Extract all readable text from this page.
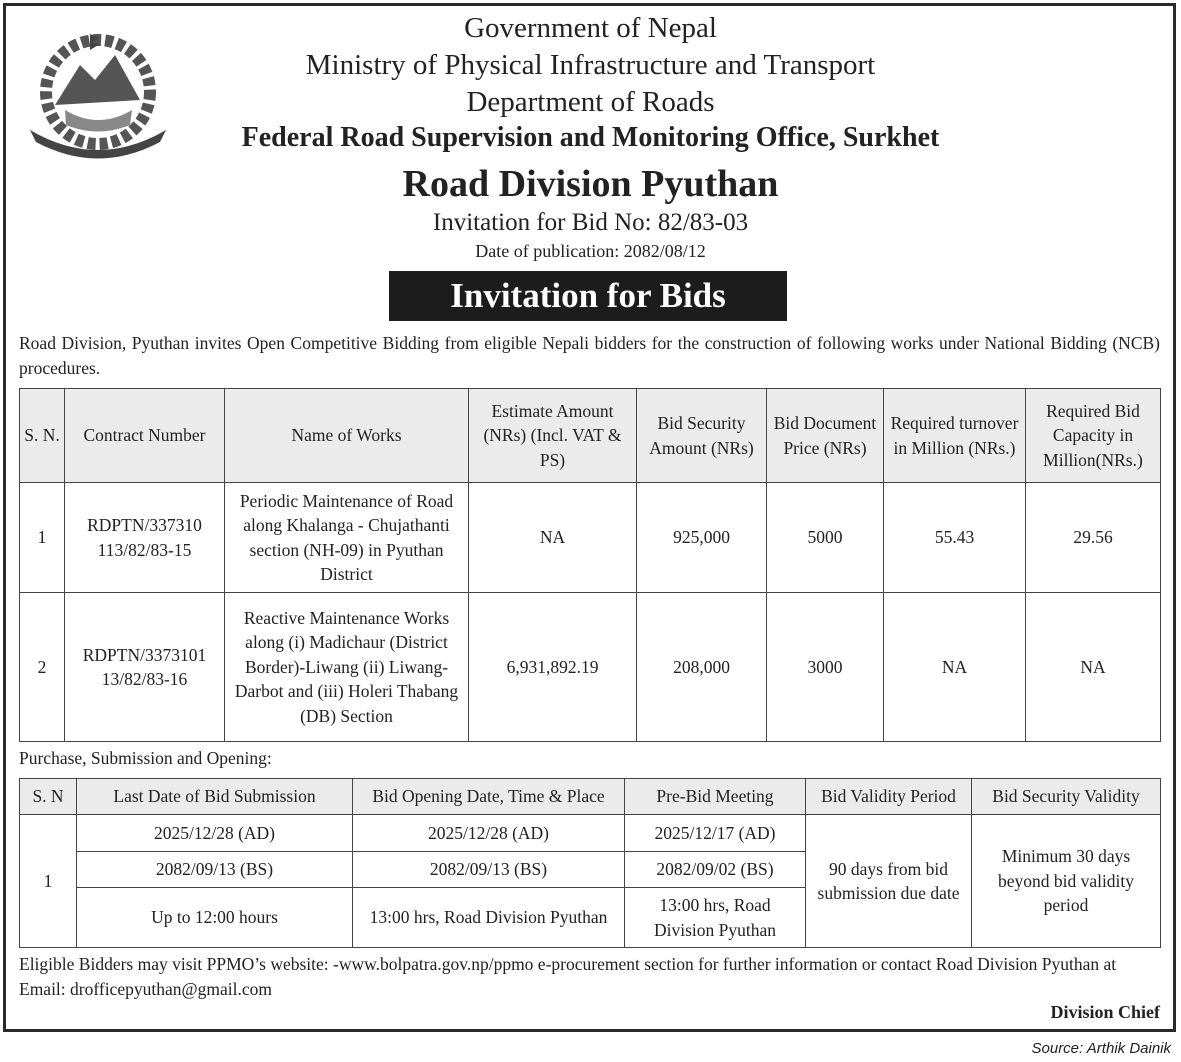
Government of Nepal
Ministry of Physical Infrastructure and Transport
Department of Roads
Federal Road Supervision and Monitoring Office, Surkhet
Road Division Pyuthan
Invitation for Bid No: 82/83-03
Date of publication: 2082/08/12
Invitation for Bids
Road Division, Pyuthan invites Open Competitive Bidding from eligible Nepali bidders for the construction of following works under National Bidding (NCB) procedures.
S. N.	Contract Number	Name of Works	Estimate Amount (NRs) (Incl. VAT & PS)	Bid Security Amount (NRs)	Bid Document Price (NRs)	Required turnover in Million (NRs.)	Required Bid Capacity in Million(NRs.)
1	RDPTN/337310 113/82/83-15	Periodic Maintenance of Road along Khalanga - Chujathanti section (NH-09) in Pyuthan District	NA	925,000	5000	55.43	29.56
2	RDPTN/3373101 13/82/83-16	Reactive Maintenance Works along (i) Madichaur (District Border)-Liwang (ii) Liwang-Darbot and (iii) Holeri Thabang (DB) Section	6,931,892.19	208,000	3000	NA	NA
Purchase, Submission and Opening:
S. N	Last Date of Bid Submission	Bid Opening Date, Time & Place	Pre-Bid Meeting	Bid Validity Period	Bid Security Validity
1	2025/12/28 (AD)	2025/12/28 (AD)	2025/12/17 (AD)	90 days from bid submission due date	Minimum 30 days beyond bid validity period
	2082/09/13 (BS)	2082/09/13 (BS)	2082/09/02 (BS)		
	Up to 12:00 hours	13:00 hrs, Road Division Pyuthan	13:00 hrs, Road Division Pyuthan		
Eligible Bidders may visit PPMO’s website: -www.bolpatra.gov.np/ppmo e-procurement section for further information or contact Road Division Pyuthan at Email: drofficepyuthan@gmail.com
Division Chief
Source: Arthik Dainik
